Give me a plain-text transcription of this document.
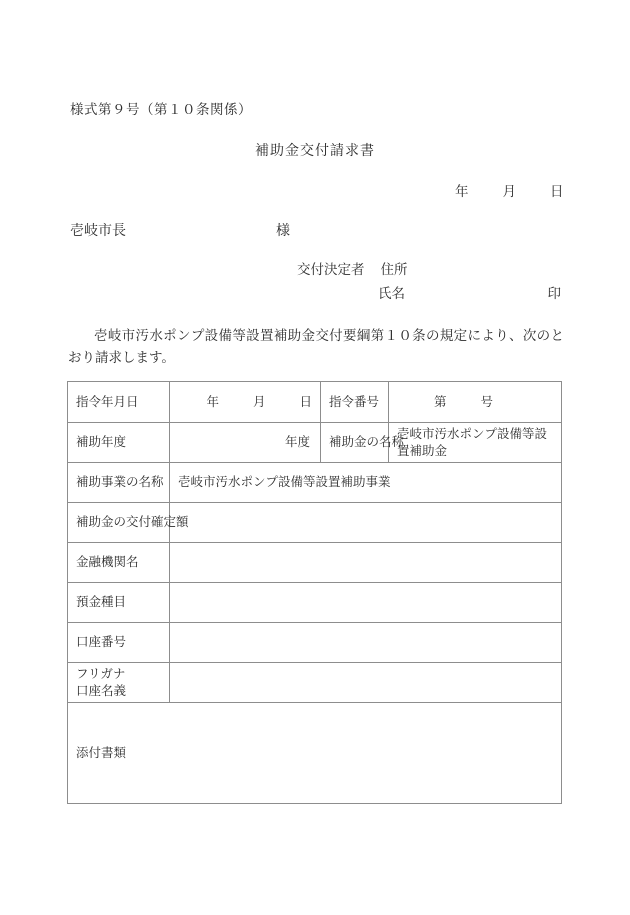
様式第９号（第１０条関係）
補助金交付請求書
年	月	日
壱岐市長	様
交付決定者 住所
氏名	印
壱岐市汚水ポンプ設備等設置補助金交付要綱第１０条の規定により、次のとおり請求します。
指令年月日	年 月 日	指令番号	第 号
補助年度	年度	補助金の名称	壱岐市汚水ポンプ設備等設置補助金
補助事業の名称	壱岐市汚水ポンプ設備等設置補助事業		
補助金の交付確定額			
金融機関名			
預金種目			
口座番号			

フリガナ
口座名義			

添付書類			
